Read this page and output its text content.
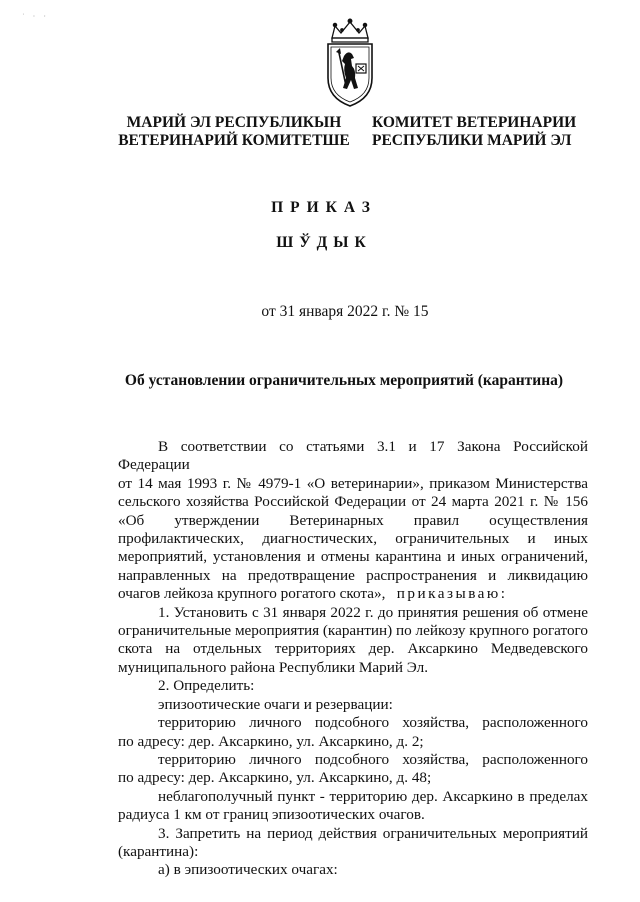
˙ · ·
МАРИЙ ЭЛ РЕСПУБЛИКЫН
ВЕТЕРИНАРИЙ КОМИТЕТШЕ
КОМИТЕТ ВЕТЕРИНАРИИ
РЕСПУБЛИКИ МАРИЙ ЭЛ
ПРИКАЗ
ШЎДЫК
от 31 января 2022 г. № 15
Об установлении ограничительных мероприятий (карантина)

В соответствии со статьями 3.1 и 17 Закона Российской Федерации

от 14 мая 1993 г. № 4979-1 «О ветеринарии», приказом Министерства

сельского хозяйства Российской Федерации от 24 марта 2021 г. № 156

«Об утверждении Ветеринарных правил осуществления

профилактических, диагностических, ограничительных и иных

мероприятий, установления и отмены карантина и иных ограничений,

направленных на предотвращение распространения и ликвидацию

очагов лейкоза крупного рогатого скота», приказываю:

1. Установить с 31 января 2022 г. до принятия решения об отмене

ограничительные мероприятия (карантин) по лейкозу крупного рогатого

скота на отдельных территориях дер. Аксаркино Медведевского

муниципального района Республики Марий Эл.

2. Определить:

эпизоотические очаги и резервации:

территорию личного подсобного хозяйства, расположенного

по адресу: дер. Аксаркино, ул. Аксаркино, д. 2;

территорию личного подсобного хозяйства, расположенного

по адресу: дер. Аксаркино, ул. Аксаркино, д. 48;

неблагополучный пункт - территорию дер. Аксаркино в пределах

радиуса 1 км от границ эпизоотических очагов.

3. Запретить на период действия ограничительных мероприятий

(карантина):

а) в эпизоотических очагах:
